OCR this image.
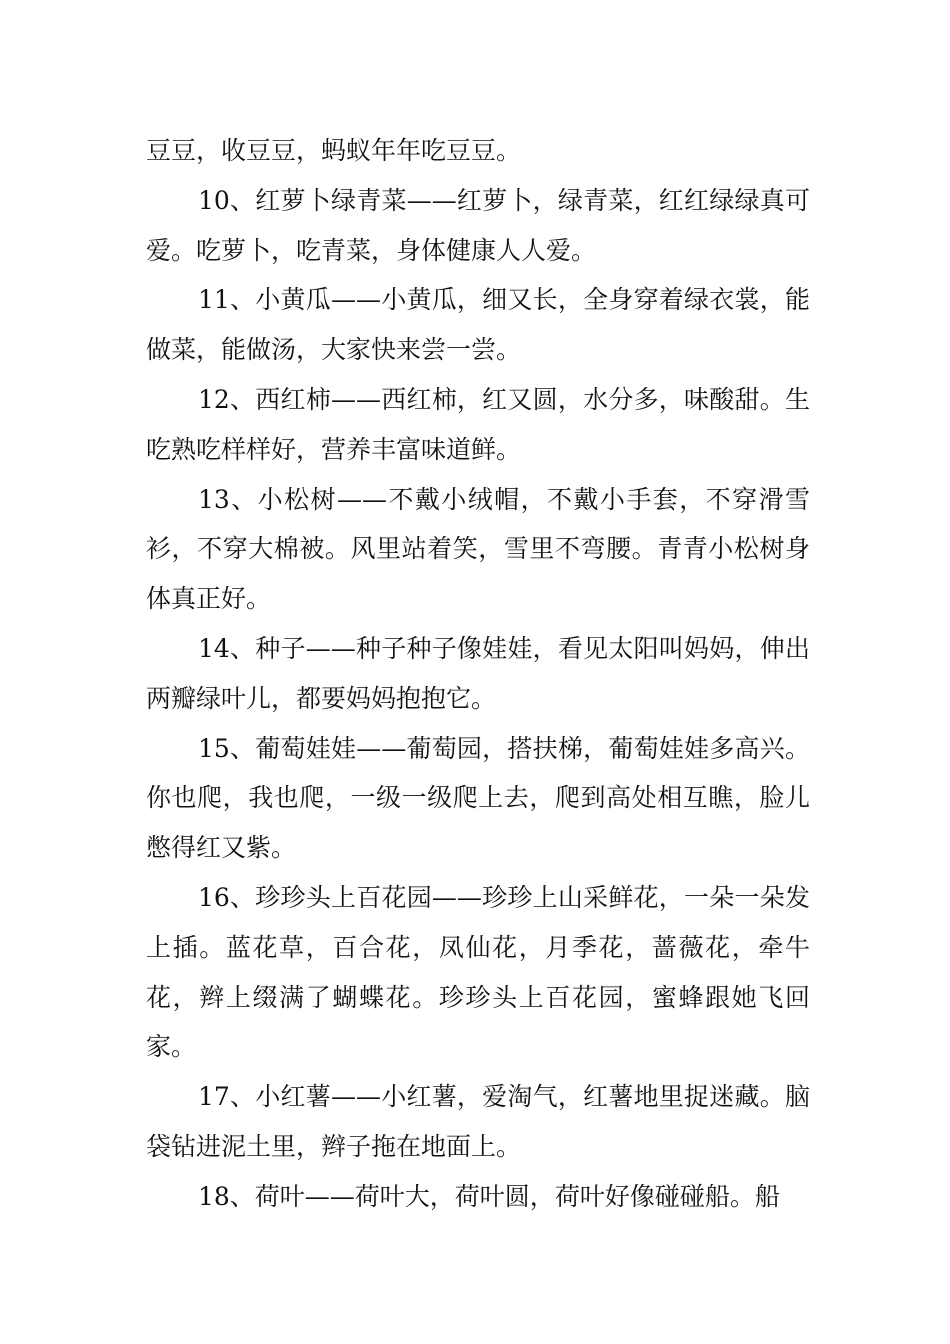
豆豆，收豆豆，蚂蚁年年吃豆豆。

10、红萝卜绿青菜——红萝卜，绿青菜，红红绿绿真可爱。吃萝卜，吃青菜，身体健康人人爱。

11、小黄瓜——小黄瓜，细又长，全身穿着绿衣裳，能做菜，能做汤，大家快来尝一尝。

12、西红柿——西红柿，红又圆，水分多，味酸甜。生吃熟吃样样好，营养丰富味道鲜。

13、小松树——不戴小绒帽，不戴小手套，不穿滑雪衫，不穿大棉被。风里站着笑，雪里不弯腰。青青小松树身体真正好。

14、种子——种子种子像娃娃，看见太阳叫妈妈，伸出两瓣绿叶儿，都要妈妈抱抱它。

15、葡萄娃娃——葡萄园，搭扶梯，葡萄娃娃多高兴。你也爬，我也爬，一级一级爬上去，爬到高处相互瞧，脸儿憋得红又紫。

16、珍珍头上百花园——珍珍上山采鲜花，一朵一朵发上插。蓝花草，百合花，凤仙花，月季花，蔷薇花，牵牛花，辫上缀满了蝴蝶花。珍珍头上百花园，蜜蜂跟她飞回家。

17、小红薯——小红薯，爱淘气，红薯地里捉迷藏。脑袋钻进泥土里，辫子拖在地面上。

18、荷叶——荷叶大，荷叶圆，荷叶好像碰碰船。船
